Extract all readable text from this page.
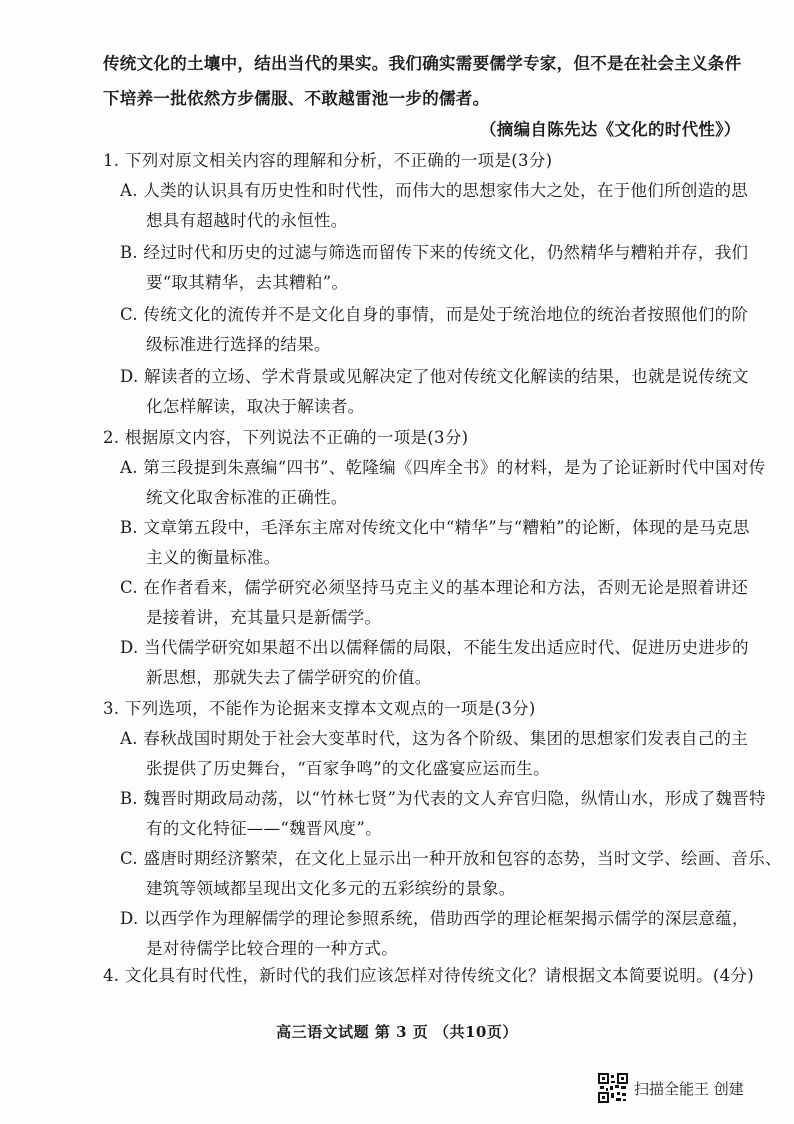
传统文化的土壤中，结出当代的果实。我们确实需要儒学专家，但不是在社会主义条件
下培养一批依然方步儒服、不敢越雷池一步的儒者。
（摘编自陈先达《文化的时代性》）
1. 下列对原文相关内容的理解和分析，不正确的一项是(3分)
A. 人类的认识具有历史性和时代性，而伟大的思想家伟大之处，在于他们所创造的思
想具有超越时代的永恒性。
B. 经过时代和历史的过滤与筛选而留传下来的传统文化，仍然精华与糟粕并存，我们
要“取其精华，去其糟粕”。
C. 传统文化的流传并不是文化自身的事情，而是处于统治地位的统治者按照他们的阶
级标准进行选择的结果。
D. 解读者的立场、学术背景或见解决定了他对传统文化解读的结果，也就是说传统文
化怎样解读，取决于解读者。
2. 根据原文内容，下列说法不正确的一项是(3分)
A. 第三段提到朱熹编“四书”、乾隆编《四库全书》的材料，是为了论证新时代中国对传
统文化取舍标准的正确性。
B. 文章第五段中，毛泽东主席对传统文化中“精华”与“糟粕”的论断，体现的是马克思
主义的衡量标准。
C. 在作者看来，儒学研究必须坚持马克主义的基本理论和方法，否则无论是照着讲还
是接着讲，充其量只是新儒学。
D. 当代儒学研究如果超不出以儒释儒的局限，不能生发出适应时代、促进历史进步的
新思想，那就失去了儒学研究的价值。
3. 下列选项，不能作为论据来支撑本文观点的一项是(3分)
A. 春秋战国时期处于社会大变革时代，这为各个阶级、集团的思想家们发表自己的主
张提供了历史舞台，“百家争鸣”的文化盛宴应运而生。
B. 魏晋时期政局动荡，以“竹林七贤”为代表的文人弃官归隐，纵情山水，形成了魏晋特
有的文化特征——“魏晋风度”。
C. 盛唐时期经济繁荣，在文化上显示出一种开放和包容的态势，当时文学、绘画、音乐、
建筑等领域都呈现出文化多元的五彩缤纷的景象。
D. 以西学作为理解儒学的理论参照系统，借助西学的理论框架揭示儒学的深层意蕴，
是对待儒学比较合理的一种方式。
4. 文化具有时代性，新时代的我们应该怎样对待传统文化？请根据文本简要说明。(4分)
高三语文试题 第 3 页 （共10页）
扫描全能王 创建
